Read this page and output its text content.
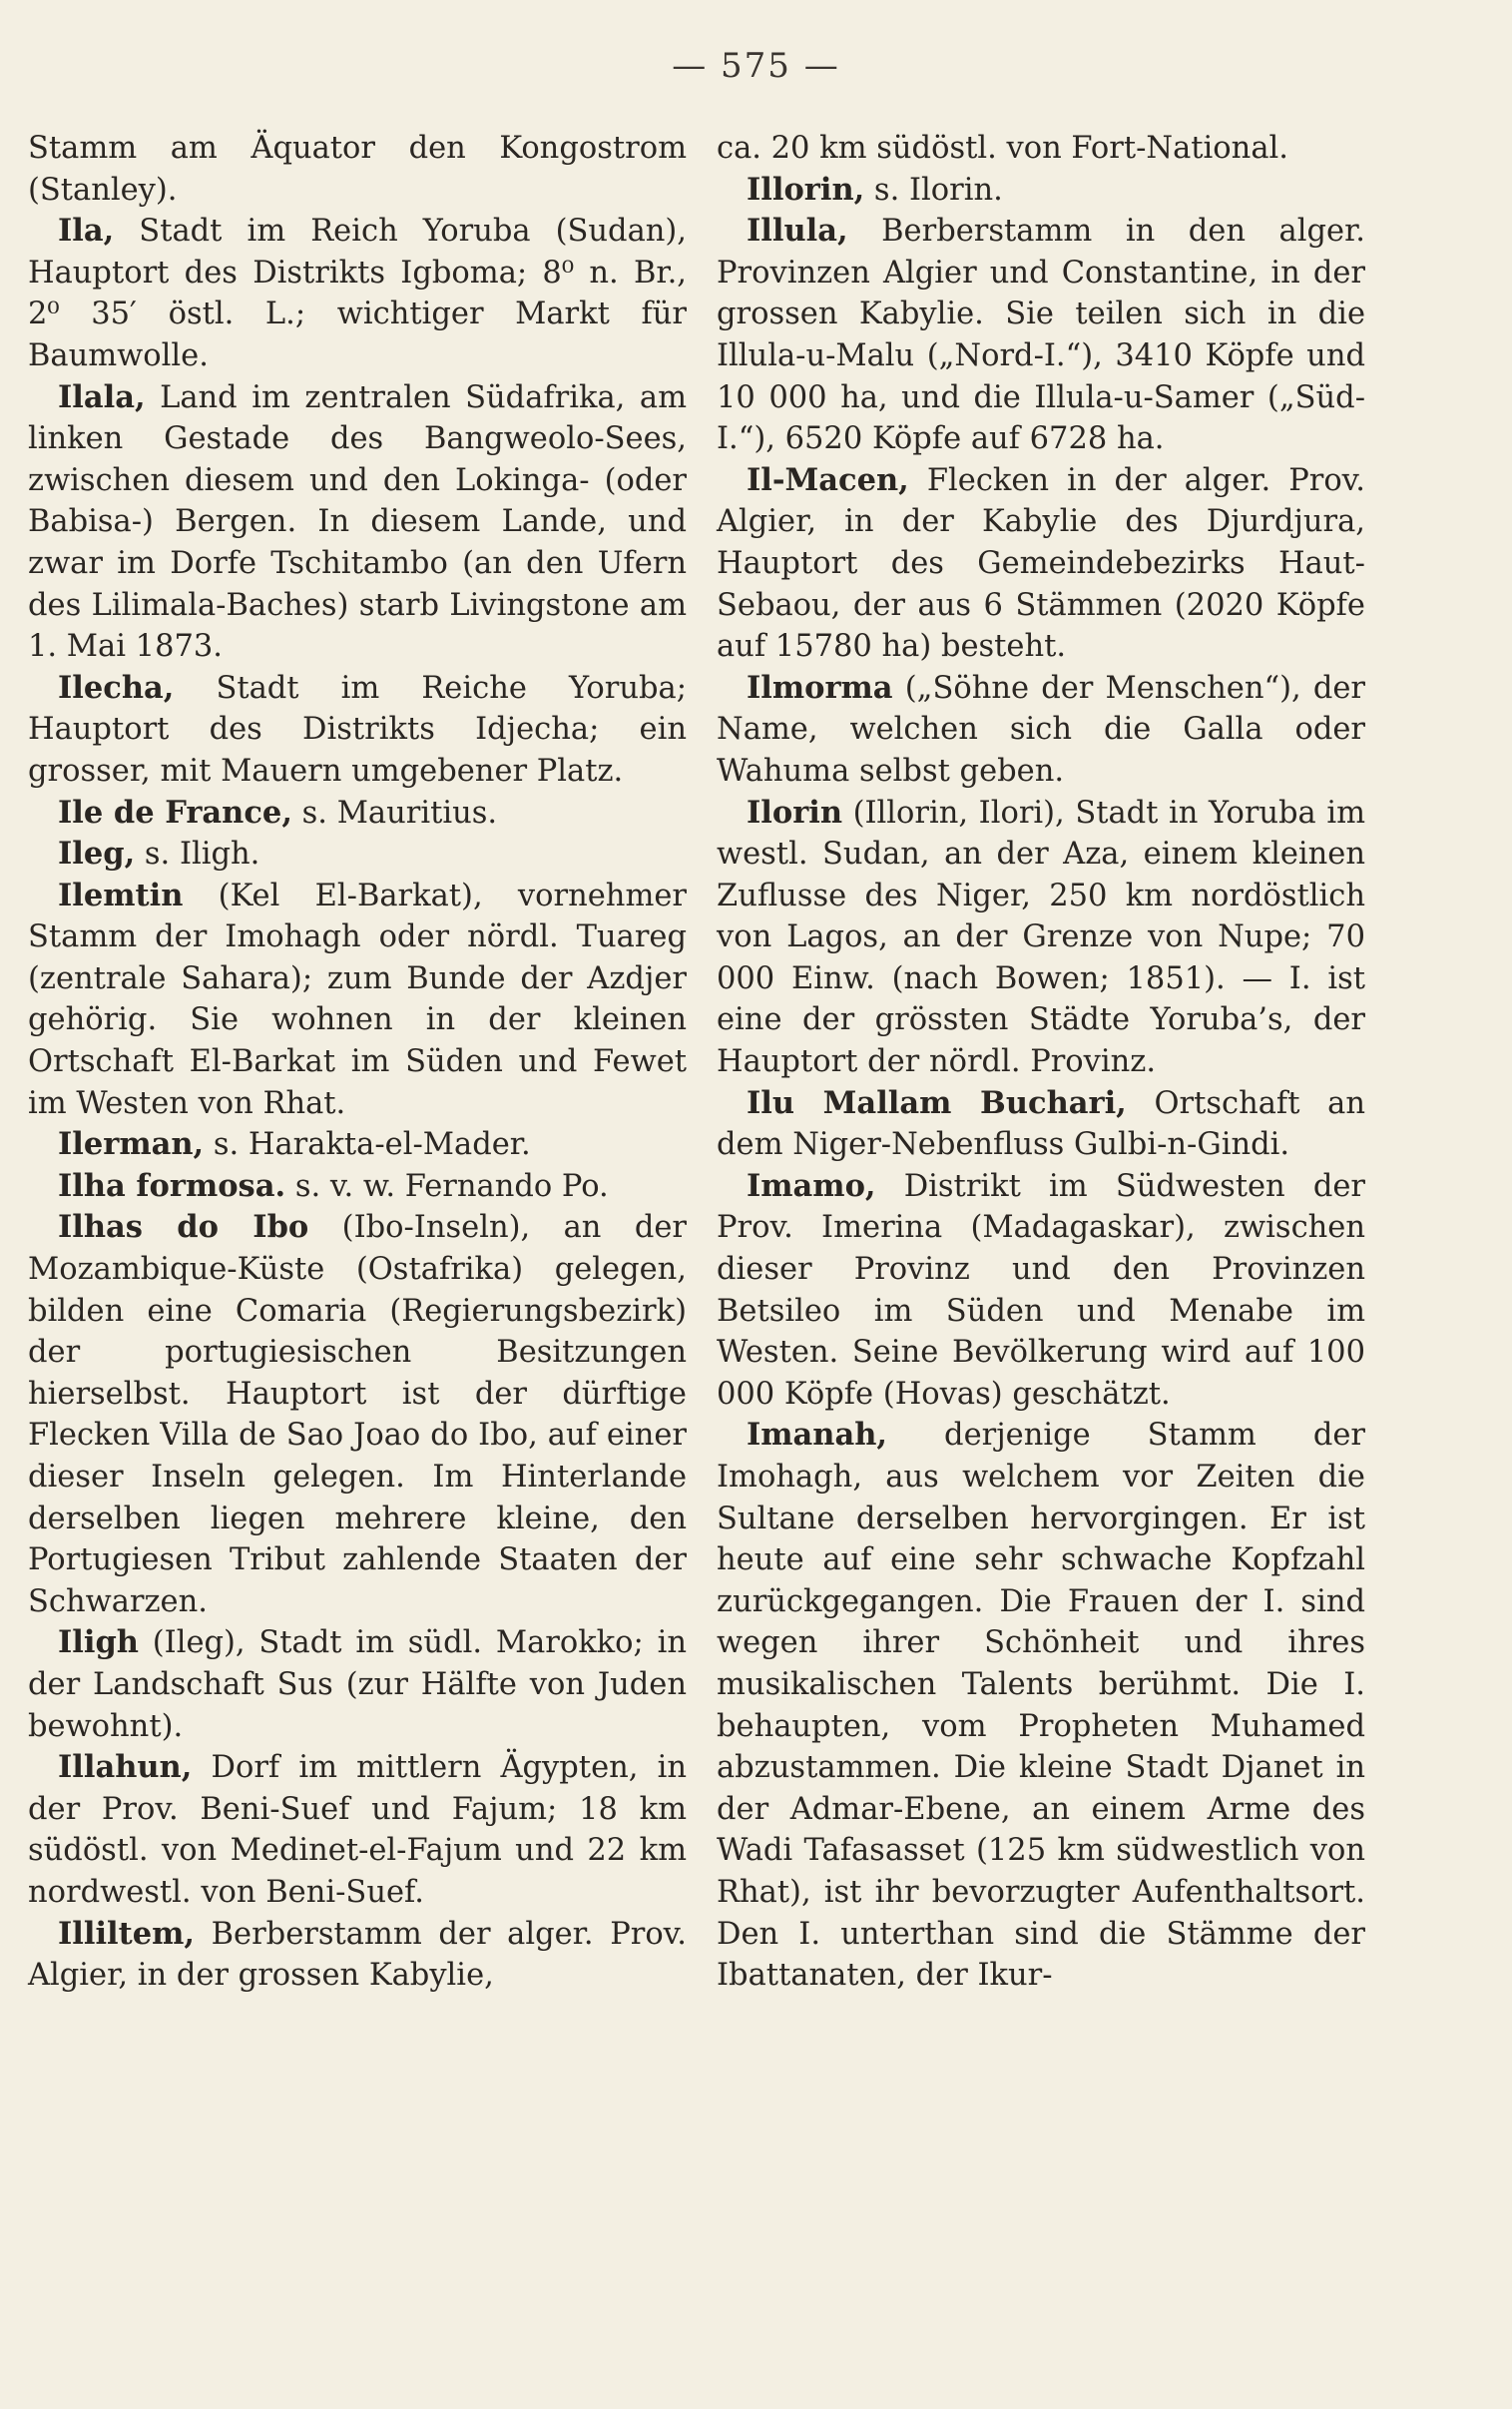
— 575 —

Stamm am Äquator den Kongostrom (Stanley).

Ila, Stadt im Reich Yoruba (Sudan), Hauptort des Distrikts Igboma; 8⁰ n. Br., 2⁰ 35′ östl. L.; wichtiger Markt für Baumwolle.

Ilala, Land im zentralen Südafrika, am linken Gestade des Bangweolo-Sees, zwischen diesem und den Lokinga- (oder Babisa-) Bergen. In diesem Lande, und zwar im Dorfe Tschitambo (an den Ufern des Lilimala-Baches) starb Livingstone am 1. Mai 1873.

Ilecha, Stadt im Reiche Yoruba; Hauptort des Distrikts Idjecha; ein grosser, mit Mauern umgebener Platz.

Ile de France, s. Mauritius.

Ileg, s. Iligh.

Ilemtin (Kel El-Barkat), vornehmer Stamm der Imohagh oder nördl. Tuareg (zentrale Sahara); zum Bunde der Azdjer gehörig. Sie wohnen in der kleinen Ortschaft El-Barkat im Süden und Fewet im Westen von Rhat.

Ilerman, s. Harakta-el-Mader.

Ilha formosa. s. v. w. Fernando Po.

Ilhas do Ibo (Ibo-Inseln), an der Mozambique-Küste (Ostafrika) gelegen, bilden eine Comaria (Regierungsbezirk) der portugiesischen Besitzungen hierselbst. Hauptort ist der dürftige Flecken Villa de Sao Joao do Ibo, auf einer dieser Inseln gelegen. Im Hinterlande derselben liegen mehrere kleine, den Portugiesen Tribut zahlende Staaten der Schwarzen.

Iligh (Ileg), Stadt im südl. Marokko; in der Landschaft Sus (zur Hälfte von Juden bewohnt).

Illahun, Dorf im mittlern Ägypten, in der Prov. Beni-Suef und Fajum; 18 km südöstl. von Medinet-el-Fajum und 22 km nordwestl. von Beni-Suef.

Illiltem, Berberstamm der alger. Prov. Algier, in der grossen Kabylie,

ca. 20 km südöstl. von Fort-National.

Illorin, s. Ilorin.

Illula, Berberstamm in den alger. Provinzen Algier und Constantine, in der grossen Kabylie. Sie teilen sich in die Illula-u-Malu („Nord-I.“), 3410 Köpfe und 10 000 ha, und die Illula-u-Samer („Süd-I.“), 6520 Köpfe auf 6728 ha.

Il-Macen, Flecken in der alger. Prov. Algier, in der Kabylie des Djurdjura, Hauptort des Gemeindebezirks Haut-Sebaou, der aus 6 Stämmen (2020 Köpfe auf 15780 ha) besteht.

Ilmorma („Söhne der Menschen“), der Name, welchen sich die Galla oder Wahuma selbst geben.

Ilorin (Illorin, Ilori), Stadt in Yoruba im westl. Sudan, an der Aza, einem kleinen Zuflusse des Niger, 250 km nordöstlich von Lagos, an der Grenze von Nupe; 70 000 Einw. (nach Bowen; 1851). — I. ist eine der grössten Städte Yoruba’s, der Hauptort der nördl. Provinz.

Ilu Mallam Buchari, Ortschaft an dem Niger-Nebenfluss Gulbi-n-Gindi.

Imamo, Distrikt im Südwesten der Prov. Imerina (Madagaskar), zwischen dieser Provinz und den Provinzen Betsileo im Süden und Menabe im Westen. Seine Bevölkerung wird auf 100 000 Köpfe (Hovas) geschätzt.

Imanah, derjenige Stamm der Imohagh, aus welchem vor Zeiten die Sultane derselben hervorgingen. Er ist heute auf eine sehr schwache Kopfzahl zurückgegangen. Die Frauen der I. sind wegen ihrer Schönheit und ihres musikalischen Talents berühmt. Die I. behaupten, vom Propheten Muhamed abzustammen. Die kleine Stadt Djanet in der Admar-Ebene, an einem Arme des Wadi Tafasasset (125 km südwestlich von Rhat), ist ihr bevorzugter Aufenthaltsort. Den I. unterthan sind die Stämme der Ibattanaten, der Ikur-
